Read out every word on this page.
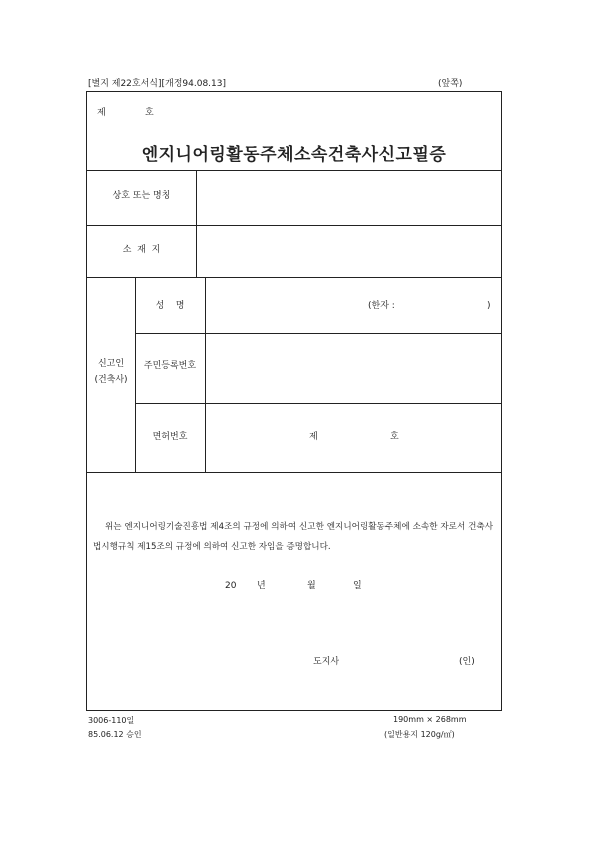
[별지 제22호서식][개정94.08.13]	(앞쪽)
제	호
엔지니어링활동주체소속건축사신고필증
상호 또는 명칭
소  재  지
신고인
(건축사)
성    명	(한자 :	)
주민등록번호
면허번호	제	호
위는 엔지니어링기술진흥법 제4조의 규정에 의하여 신고한 엔지니어링활동주체에 소속한 자로서 건축사법시행규칙 제15조의 규정에 의하여 신고한 자임을 증명합니다.
20 년	월	일
도지사	(인)
3006-110일
85.06.12 승인
190mm × 268mm
(일반용지 120g/㎡)
